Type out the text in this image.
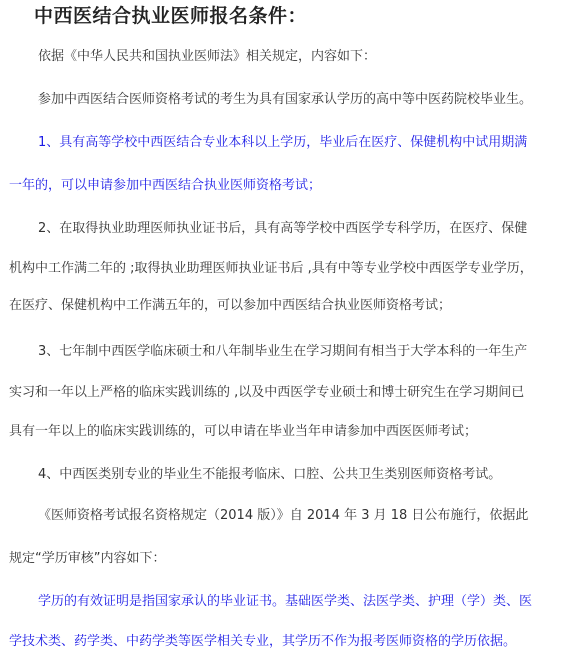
中西医结合执业医师报名条件：
依据《中华人民共和国执业医师法》相关规定，内容如下：
参加中西医结合医师资格考试的考生为具有国家承认学历的高中等中医药院校毕业生。
1、具有高等学校中西医结合专业本科以上学历，毕业后在医疗、保健机构中试用期满
一年的，可以申请参加中西医结合执业医师资格考试；
2、在取得执业助理医师执业证书后，具有高等学校中西医学专科学历，在医疗、保健
机构中工作满二年的 ;取得执业助理医师执业证书后 ,具有中等专业学校中西医学专业学历，
在医疗、保健机构中工作满五年的，可以参加中西医结合执业医师资格考试；
3、七年制中西医学临床硕士和八年制毕业生在学习期间有相当于大学本科的一年生产
实习和一年以上严格的临床实践训练的 ,以及中西医学专业硕士和博士研究生在学习期间已
具有一年以上的临床实践训练的，可以申请在毕业当年申请参加中西医医师考试；
4、中西医类别专业的毕业生不能报考临床、口腔、公共卫生类别医师资格考试。
《医师资格考试报名资格规定（2014 版）》自 2014 年 3 月 18 日公布施行，依据此
规定“学历审核”内容如下：
学历的有效证明是指国家承认的毕业证书。基础医学类、法医学类、护理（学）类、医
学技术类、药学类、中药学类等医学相关专业，其学历不作为报考医师资格的学历依据。
